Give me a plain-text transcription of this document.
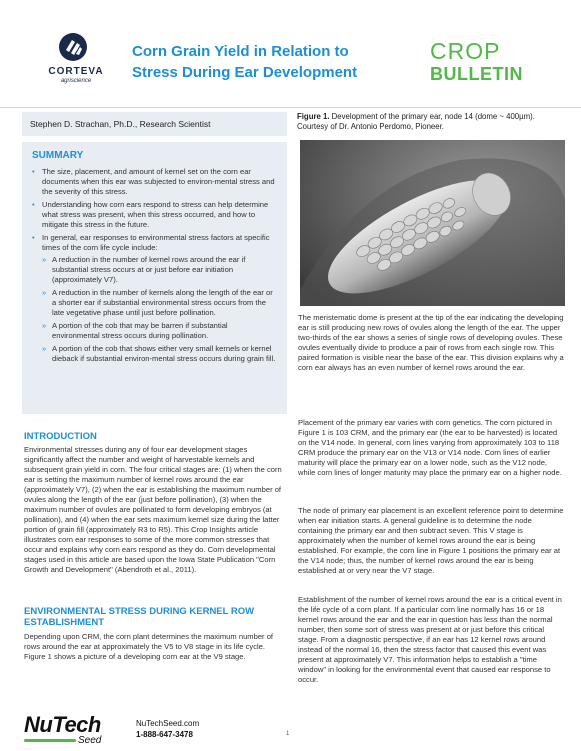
CORTEVA
agriscience
Corn Grain Yield in Relation to
Stress During Ear Development
CROP
BULLETIN
Stephen D. Strachan, Ph.D., Research Scientist
SUMMARY
• The size, placement, and amount of kernel set on the corn ear documents when this ear was subjected to environ-mental stress and the severity of this stress.
• Understanding how corn ears respond to stress can help determine what stress was present, when this stress occurred, and how to mitigate this stress in the future.
• In general, ear responses to environmental stress factors at specific times of the corn life cycle include:
» A reduction in the number of kernel rows around the ear if substantial stress occurs at or just before ear initiation (approximately V7).
» A reduction in the number of kernels along the length of the ear or a shorter ear if substantial environmental stress occurs from the late vegetative phase until just before pollination.
» A portion of the cob that may be barren if substantial environmental stress occurs during pollination.
» A portion of the cob that shows either very small kernels or kernel dieback if substantial environ-mental stress occurs during grain fill.
INTRODUCTION

Environmental stresses during any of four ear development stages significantly affect the number and weight of harvestable kernels and subsequent grain yield in corn. The four critical stages are: (1) when the corn ear is setting the maximum number of kernel rows around the ear (approximately V7), (2) when the ear is establishing the maximum number of ovules along the length of the ear (just before pollination), (3) when the maximum number of ovules are pollinated to form developing embryos (at pollination), and (4) when the ear sets maximum kernel size during the latter portion of grain fill (approximately R3 to R5). This Crop Insights article illustrates corn ear responses to some of the more common stresses that occur and explains why corn ears respond as they do. Corn developmental stages used in this article are based upon the Iowa State Publication "Corn Growth and Development" (Abendroth et al., 2011).

ENVIRONMENTAL STRESS DURING KERNEL ROW
ESTABLISHMENT

Depending upon CRM, the corn plant determines the maximum number of rows around the ear at approximately the V5 to V8 stage in its life cycle. Figure 1 shows a picture of a developing corn ear at the V9 stage.

Figure 1. Development of the primary ear, node 14 (dome ~ 400µm). Courtesy of Dr. Antonio Perdomo, Pioneer.

The meristematic dome is present at the tip of the ear indicating the developing ear is still producing new rows of ovules along the length of the ear. The upper two-thirds of the ear shows a series of single rows of developing ovules. These ovules eventually divide to produce a pair of rows from each single row. This paired formation is visible near the base of the ear. This division explains why a corn ear always has an even number of kernel rows around the ear.

Placement of the primary ear varies with corn genetics. The corn pictured in Figure 1 is 103 CRM, and the primary ear (the ear to be harvested) is located on the V14 node. In general, corn lines varying from approximately 103 to 118 CRM produce the primary ear on the V13 or V14 node. Corn lines of earlier maturity will place the primary ear on a lower node, such as the V12 node, while corn lines of longer maturity may place the primary ear on a higher node.

The node of primary ear placement is an excellent reference point to determine when ear initiation starts. A general guideline is to determine the node containing the primary ear and then subtract seven. This V stage is approximately when the number of kernel rows around the ear is being established. For example, the corn line in Figure 1 positions the primary ear at the V14 node; thus, the number of kernel rows around the ear is being established at or very near the V7 stage.

Establishment of the number of kernel rows around the ear is a critical event in the life cycle of a corn plant. If a particular corn line normally has 16 or 18 kernel rows around the ear and the ear in question has less than the normal number, then some sort of stress was present at or just before this critical stage. From a diagnostic perspective, if an ear has 12 kernel rows around instead of the normal 16, then the stress factor that caused this event was present at approximately V7. This information helps to establish a "time window" in looking for the environmental event that caused ear response to occur.

NuTech
Seed
NuTechSeed.com
1-888-647-3478	1
